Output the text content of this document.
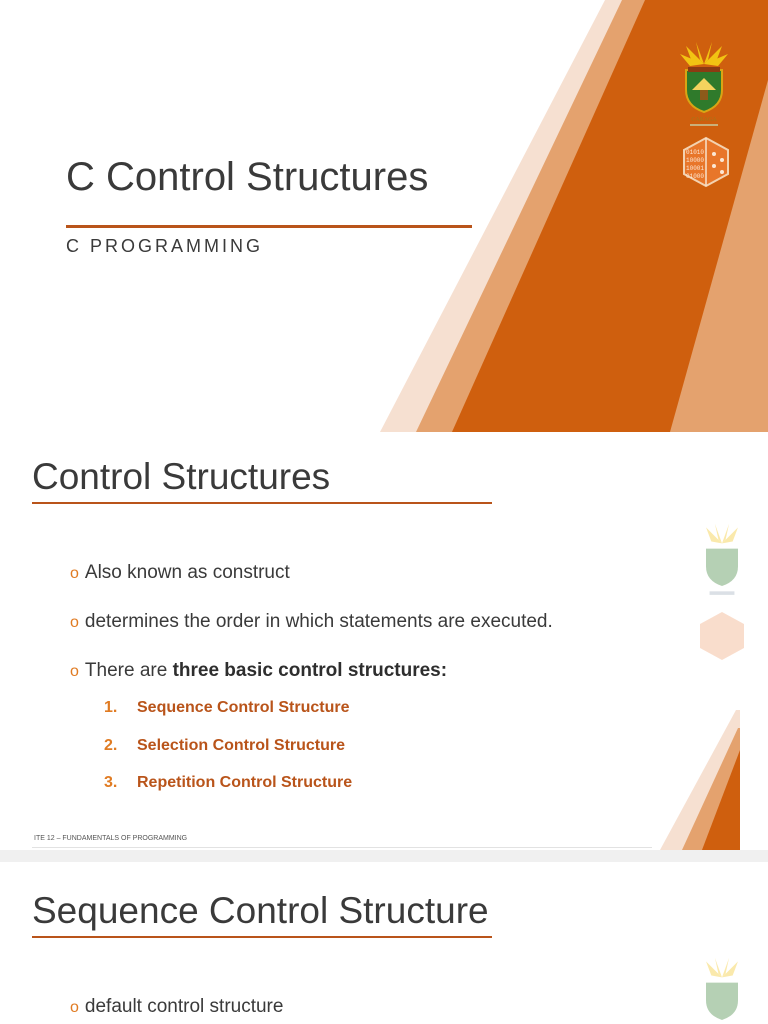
CARAGA
01010
10000
10001
01000
C Control Structures
C PROGRAMMING
Control Structures
o Also known as construct
o determines the order in which statements are executed.
o There are three basic control structures:
1. Sequence Control Structure
2. Selection Control Structure
3. Repetition Control Structure
ITE 12 – FUNDAMENTALS OF PROGRAMMING
Sequence Control Structure
o default control structure
